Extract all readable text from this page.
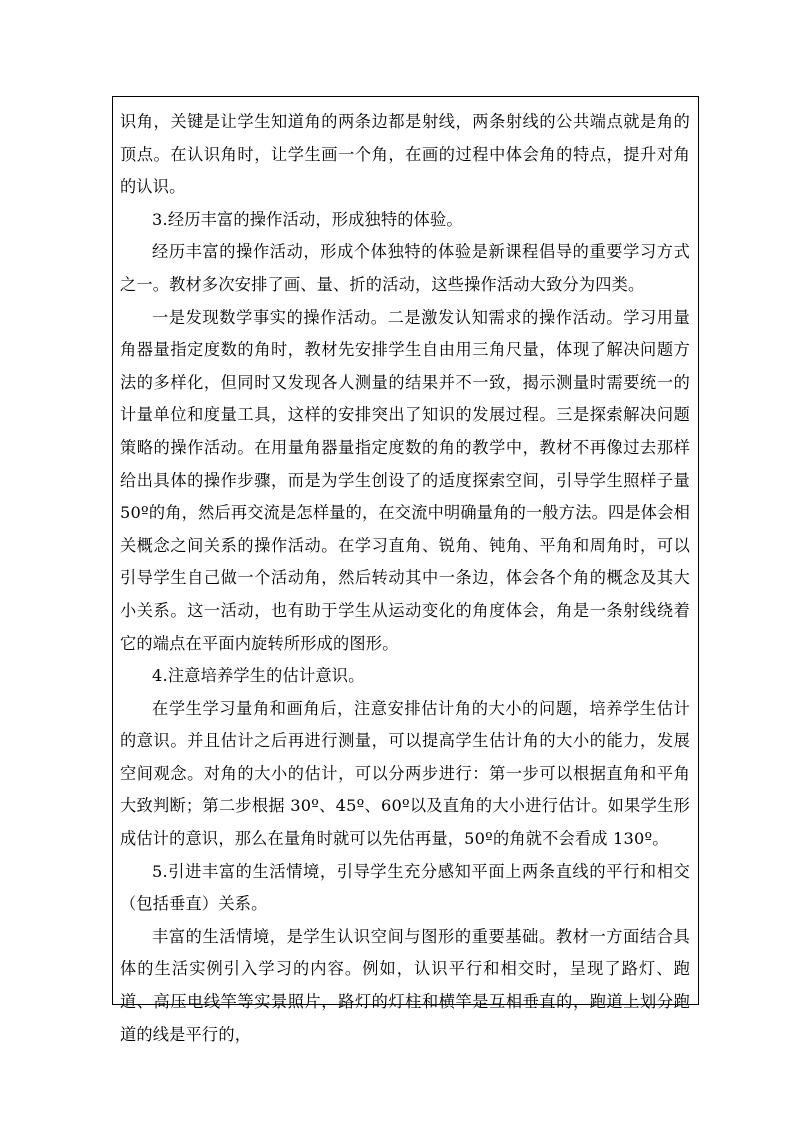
识角，关键是让学生知道角的两条边都是射线，两条射线的公共端点就是角的顶点。在认识角时，让学生画一个角，在画的过程中体会角的特点，提升对角的认识。

3.经历丰富的操作活动，形成独特的体验。

经历丰富的操作活动，形成个体独特的体验是新课程倡导的重要学习方式之一。教材多次安排了画、量、折的活动，这些操作活动大致分为四类。

一是发现数学事实的操作活动。二是激发认知需求的操作活动。学习用量角器量指定度数的角时，教材先安排学生自由用三角尺量，体现了解决问题方法的多样化，但同时又发现各人测量的结果并不一致，揭示测量时需要统一的计量单位和度量工具，这样的安排突出了知识的发展过程。三是探索解决问题策略的操作活动。在用量角器量指定度数的角的教学中，教材不再像过去那样给出具体的操作步骤，而是为学生创设了的适度探索空间，引导学生照样子量 50º的角，然后再交流是怎样量的，在交流中明确量角的一般方法。四是体会相关概念之间关系的操作活动。在学习直角、锐角、钝角、平角和周角时，可以引导学生自己做一个活动角，然后转动其中一条边，体会各个角的概念及其大小关系。这一活动，也有助于学生从运动变化的角度体会，角是一条射线绕着它的端点在平面内旋转所形成的图形。

4.注意培养学生的估计意识。

在学生学习量角和画角后，注意安排估计角的大小的问题，培养学生估计的意识。并且估计之后再进行测量，可以提高学生估计角的大小的能力，发展空间观念。对角的大小的估计，可以分两步进行：第一步可以根据直角和平角大致判断；第二步根据 30º、45º、60º以及直角的大小进行估计。如果学生形成估计的意识，那么在量角时就可以先估再量，50º的角就不会看成 130º。

5.引进丰富的生活情境，引导学生充分感知平面上两条直线的平行和相交（包括垂直）关系。

丰富的生活情境，是学生认识空间与图形的重要基础。教材一方面结合具体的生活实例引入学习的内容。例如，认识平行和相交时，呈现了路灯、跑道、高压电线竿等实景照片，路灯的灯柱和横竿是互相垂直的，跑道上划分跑道的线是平行的，
